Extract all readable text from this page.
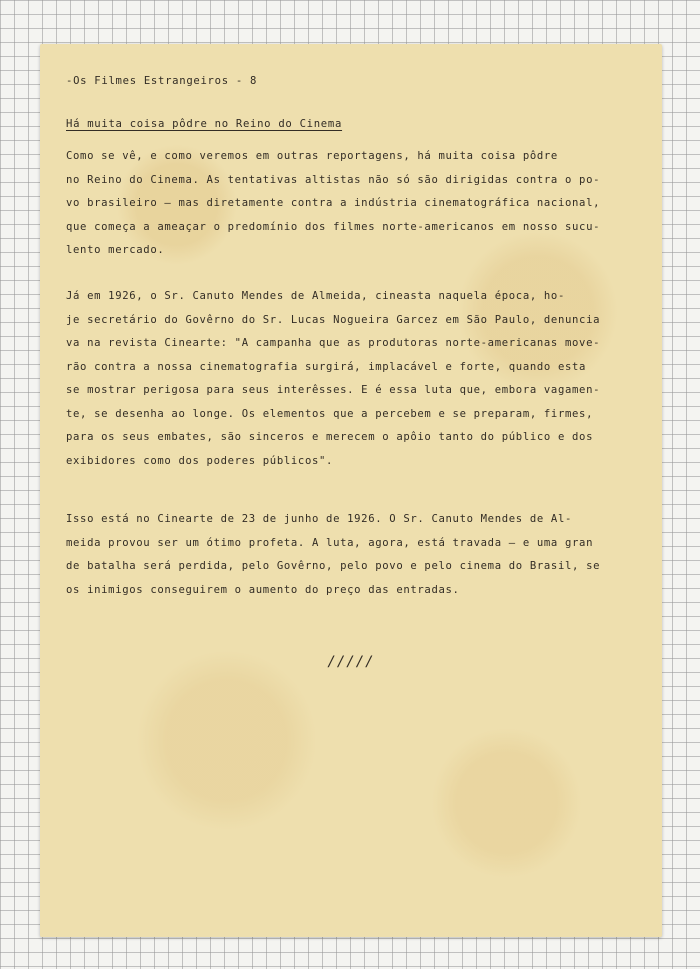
-Os Filmes Estrangeiros - 8
Há muita coisa pôdre no Reino do Cinema
Como se vê, e como veremos em outras reportagens, há muita coisa pôdre
no Reino do Cinema. As tentativas altistas não só são dirigidas contra o po-
vo brasileiro — mas diretamente contra a indústria cinematográfica nacional,
que começa a ameaçar o predomínio dos filmes norte-americanos em nosso sucu-
lento mercado.
Já em 1926, o Sr. Canuto Mendes de Almeida, cineasta naquela época, ho-
je secretário do Govêrno do Sr. Lucas Nogueira Garcez em São Paulo, denuncia
va na revista Cinearte: "A campanha que as produtoras norte-americanas move-
rão contra a nossa cinematografia surgirá, implacável e forte, quando esta
se mostrar perigosa para seus interêsses. E é essa luta que, embora vagamen-
te, se desenha ao longe. Os elementos que a percebem e se preparam, firmes,
para os seus embates, são sinceros e merecem o apôio tanto do público e dos
exibidores como dos poderes públicos".
Isso está no Cinearte de 23 de junho de 1926. O Sr. Canuto Mendes de Al-
meida provou ser um ótimo profeta. A luta, agora, está travada — e uma gran
de batalha será perdida, pelo Govêrno, pelo povo e pelo cinema do Brasil, se
os inimigos conseguirem o aumento do preço das entradas.
/////
